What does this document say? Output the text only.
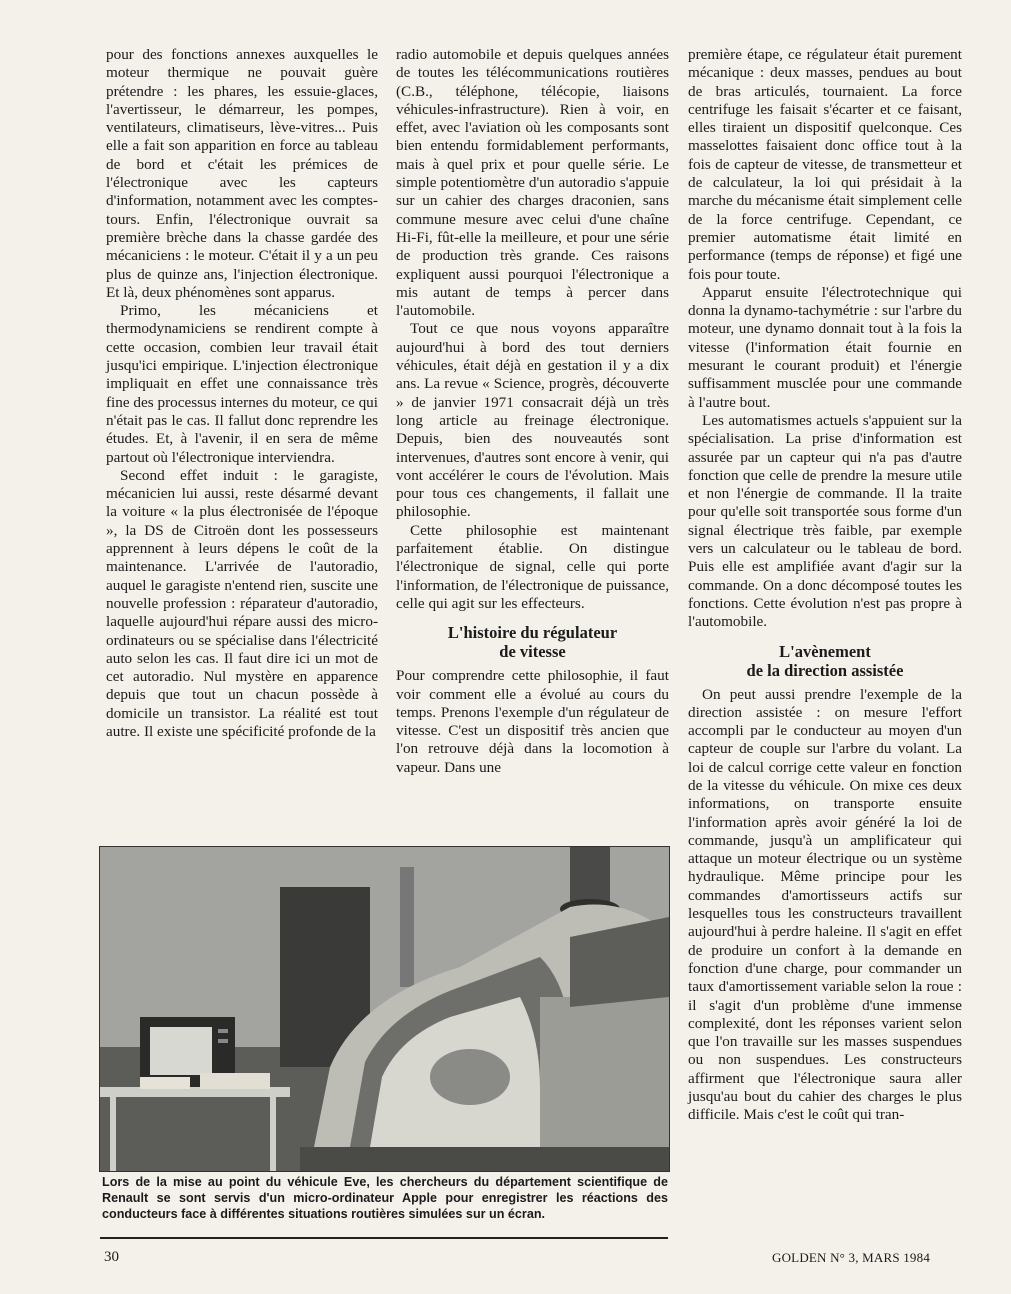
pour des fonctions annexes auxquelles le moteur thermique ne pouvait guère prétendre : les phares, les essuie-glaces, l'avertisseur, le démarreur, les pompes, ventilateurs, climatiseurs, lève-vitres... Puis elle a fait son apparition en force au tableau de bord et c'était les prémices de l'électronique avec les capteurs d'information, notamment avec les comptes-tours. Enfin, l'électronique ouvrait sa première brèche dans la chasse gardée des mécaniciens : le moteur. C'était il y a un peu plus de quinze ans, l'injection électronique. Et là, deux phénomènes sont apparus.

Primo, les mécaniciens et thermodynamiciens se rendirent compte à cette occasion, combien leur travail était jusqu'ici empirique. L'injection électronique impliquait en effet une connaissance très fine des processus internes du moteur, ce qui n'était pas le cas. Il fallut donc reprendre les études. Et, à l'avenir, il en sera de même partout où l'électronique interviendra.

Second effet induit : le garagiste, mécanicien lui aussi, reste désarmé devant la voiture « la plus électronisée de l'époque », la DS de Citroën dont les possesseurs apprennent à leurs dépens le coût de la maintenance. L'arrivée de l'autoradio, auquel le garagiste n'entend rien, suscite une nouvelle profession : réparateur d'autoradio, laquelle aujourd'hui répare aussi des micro-ordinateurs ou se spécialise dans l'électricité auto selon les cas. Il faut dire ici un mot de cet autoradio. Nul mystère en apparence depuis que tout un chacun possède à domicile un transistor. La réalité est tout autre. Il existe une spécificité profonde de la

radio automobile et depuis quelques années de toutes les télécommunications routières (C.B., téléphone, télécopie, liaisons véhicules-infrastructure). Rien à voir, en effet, avec l'aviation où les composants sont bien entendu formidablement performants, mais à quel prix et pour quelle série. Le simple potentiomètre d'un autoradio s'appuie sur un cahier des charges draconien, sans commune mesure avec celui d'une chaîne Hi-Fi, fût-elle la meilleure, et pour une série de production très grande. Ces raisons expliquent aussi pourquoi l'électronique a mis autant de temps à percer dans l'automobile.

Tout ce que nous voyons apparaître aujourd'hui à bord des tout derniers véhicules, était déjà en gestation il y a dix ans. La revue « Science, progrès, découverte » de janvier 1971 consacrait déjà un très long article au freinage électronique. Depuis, bien des nouveautés sont intervenues, d'autres sont encore à venir, qui vont accélérer le cours de l'évolution. Mais pour tous ces changements, il fallait une philosophie.

Cette philosophie est maintenant parfaitement établie. On distingue l'électronique de signal, celle qui porte l'information, de l'électronique de puissance, celle qui agit sur les effecteurs.

L'histoire du régulateur
de vitesse

Pour comprendre cette philosophie, il faut voir comment elle a évolué au cours du temps. Prenons l'exemple d'un régulateur de vitesse. C'est un dispositif très ancien que l'on retrouve déjà dans la locomotion à vapeur. Dans une

première étape, ce régulateur était purement mécanique : deux masses, pendues au bout de bras articulés, tournaient. La force centrifuge les faisait s'écarter et ce faisant, elles tiraient un dispositif quelconque. Ces masselottes faisaient donc office tout à la fois de capteur de vitesse, de transmetteur et de calculateur, la loi qui présidait à la marche du mécanisme était simplement celle de la force centrifuge. Cependant, ce premier automatisme était limité en performance (temps de réponse) et figé une fois pour toute.

Apparut ensuite l'électrotechnique qui donna la dynamo-tachymétrie : sur l'arbre du moteur, une dynamo donnait tout à la fois la vitesse (l'information était fournie en mesurant le courant produit) et l'énergie suffisamment musclée pour une commande à l'autre bout.

Les automatismes actuels s'appuient sur la spécialisation. La prise d'information est assurée par un capteur qui n'a pas d'autre fonction que celle de prendre la mesure utile et non l'énergie de commande. Il la traite pour qu'elle soit transportée sous forme d'un signal électrique très faible, par exemple vers un calculateur ou le tableau de bord. Puis elle est amplifiée avant d'agir sur la commande. On a donc décomposé toutes les fonctions. Cette évolution n'est pas propre à l'automobile.

L'avènement
de la direction assistée

On peut aussi prendre l'exemple de la direction assistée : on mesure l'effort accompli par le conducteur au moyen d'un capteur de couple sur l'arbre du volant. La loi de calcul corrige cette valeur en fonction de la vitesse du véhicule. On mixe ces deux informations, on transporte ensuite l'information après avoir généré la loi de commande, jusqu'à un amplificateur qui attaque un moteur électrique ou un système hydraulique. Même principe pour les commandes d'amortisseurs actifs sur lesquelles tous les constructeurs travaillent aujourd'hui à perdre haleine. Il s'agit en effet de produire un confort à la demande en fonction d'une charge, pour commander un taux d'amortissement variable selon la roue : il s'agit d'un problème d'une immense complexité, dont les réponses varient selon que l'on travaille sur les masses suspendues ou non suspendues. Les constructeurs affirment que l'électronique saura aller jusqu'au bout du cahier des charges le plus difficile. Mais c'est le coût qui tran-

Lors de la mise au point du véhicule Eve, les chercheurs du département scientifique de Renault se sont servis d'un micro-ordinateur Apple pour enregistrer les réactions des conducteurs face à différentes situations routières simulées sur un écran.
30	GOLDEN N° 3, MARS 1984
